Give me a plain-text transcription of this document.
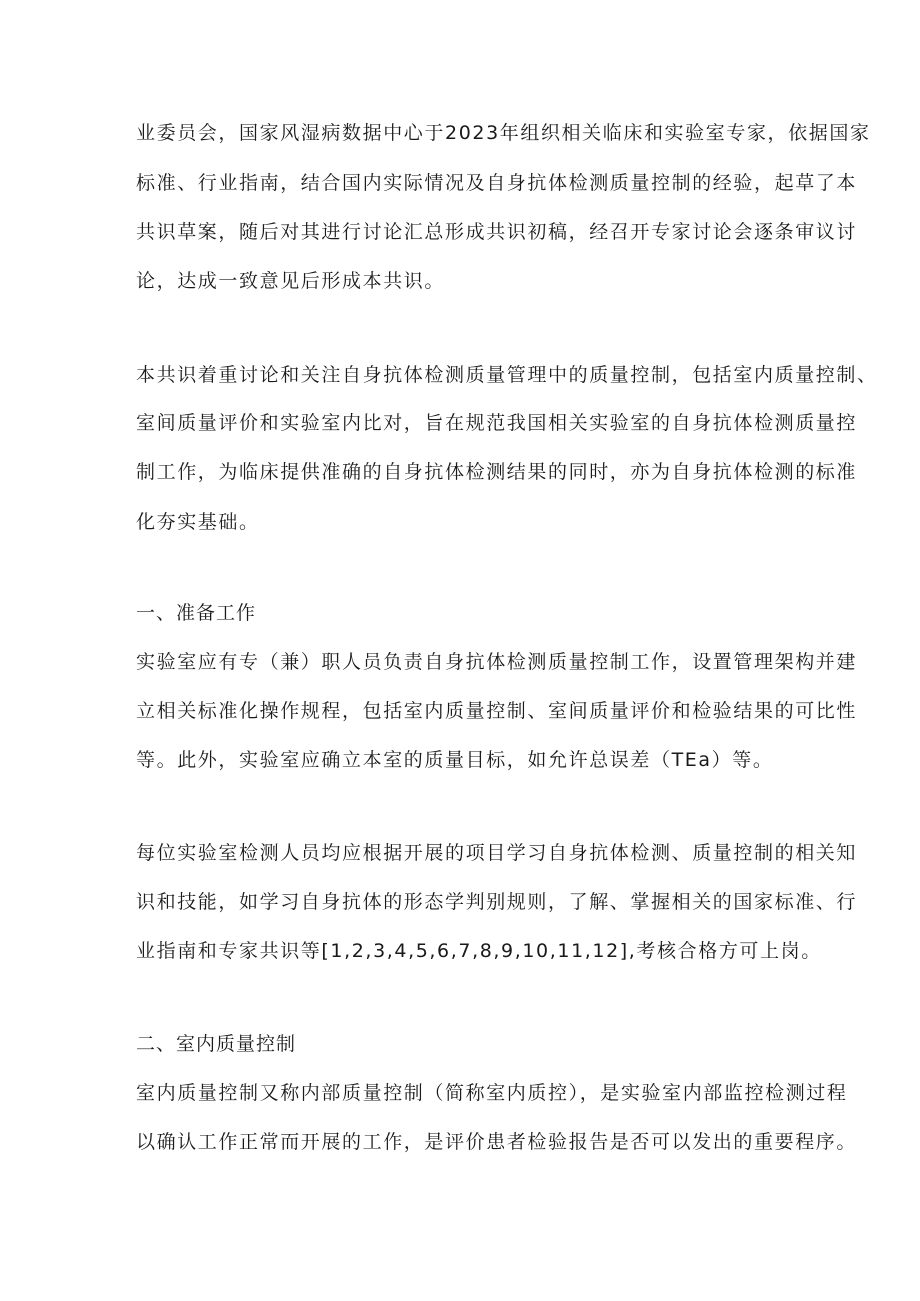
业委员会，国家风湿病数据中心于2023年组织相关临床和实验室专家，依据国家
标准、行业指南，结合国内实际情况及自身抗体检测质量控制的经验，起草了本
共识草案，随后对其进行讨论汇总形成共识初稿，经召开专家讨论会逐条审议讨
论，达成一致意见后形成本共识。
本共识着重讨论和关注自身抗体检测质量管理中的质量控制，包括室内质量控制、
室间质量评价和实验室内比对，旨在规范我国相关实验室的自身抗体检测质量控
制工作，为临床提供准确的自身抗体检测结果的同时，亦为自身抗体检测的标准
化夯实基础。
一、准备工作
实验室应有专（兼）职人员负责自身抗体检测质量控制工作，设置管理架构并建
立相关标准化操作规程，包括室内质量控制、室间质量评价和检验结果的可比性
等。此外，实验室应确立本室的质量目标，如允许总误差（TEa）等。
每位实验室检测人员均应根据开展的项目学习自身抗体检测、质量控制的相关知
识和技能，如学习自身抗体的形态学判别规则，了解、掌握相关的国家标准、行
业指南和专家共识等[1,2,3,4,5,6,7,8,9,10,11,12],考核合格方可上岗。
二、室内质量控制
室内质量控制又称内部质量控制（简称室内质控），是实验室内部监控检测过程
以确认工作正常而开展的工作，是评价患者检验报告是否可以发出的重要程序。
